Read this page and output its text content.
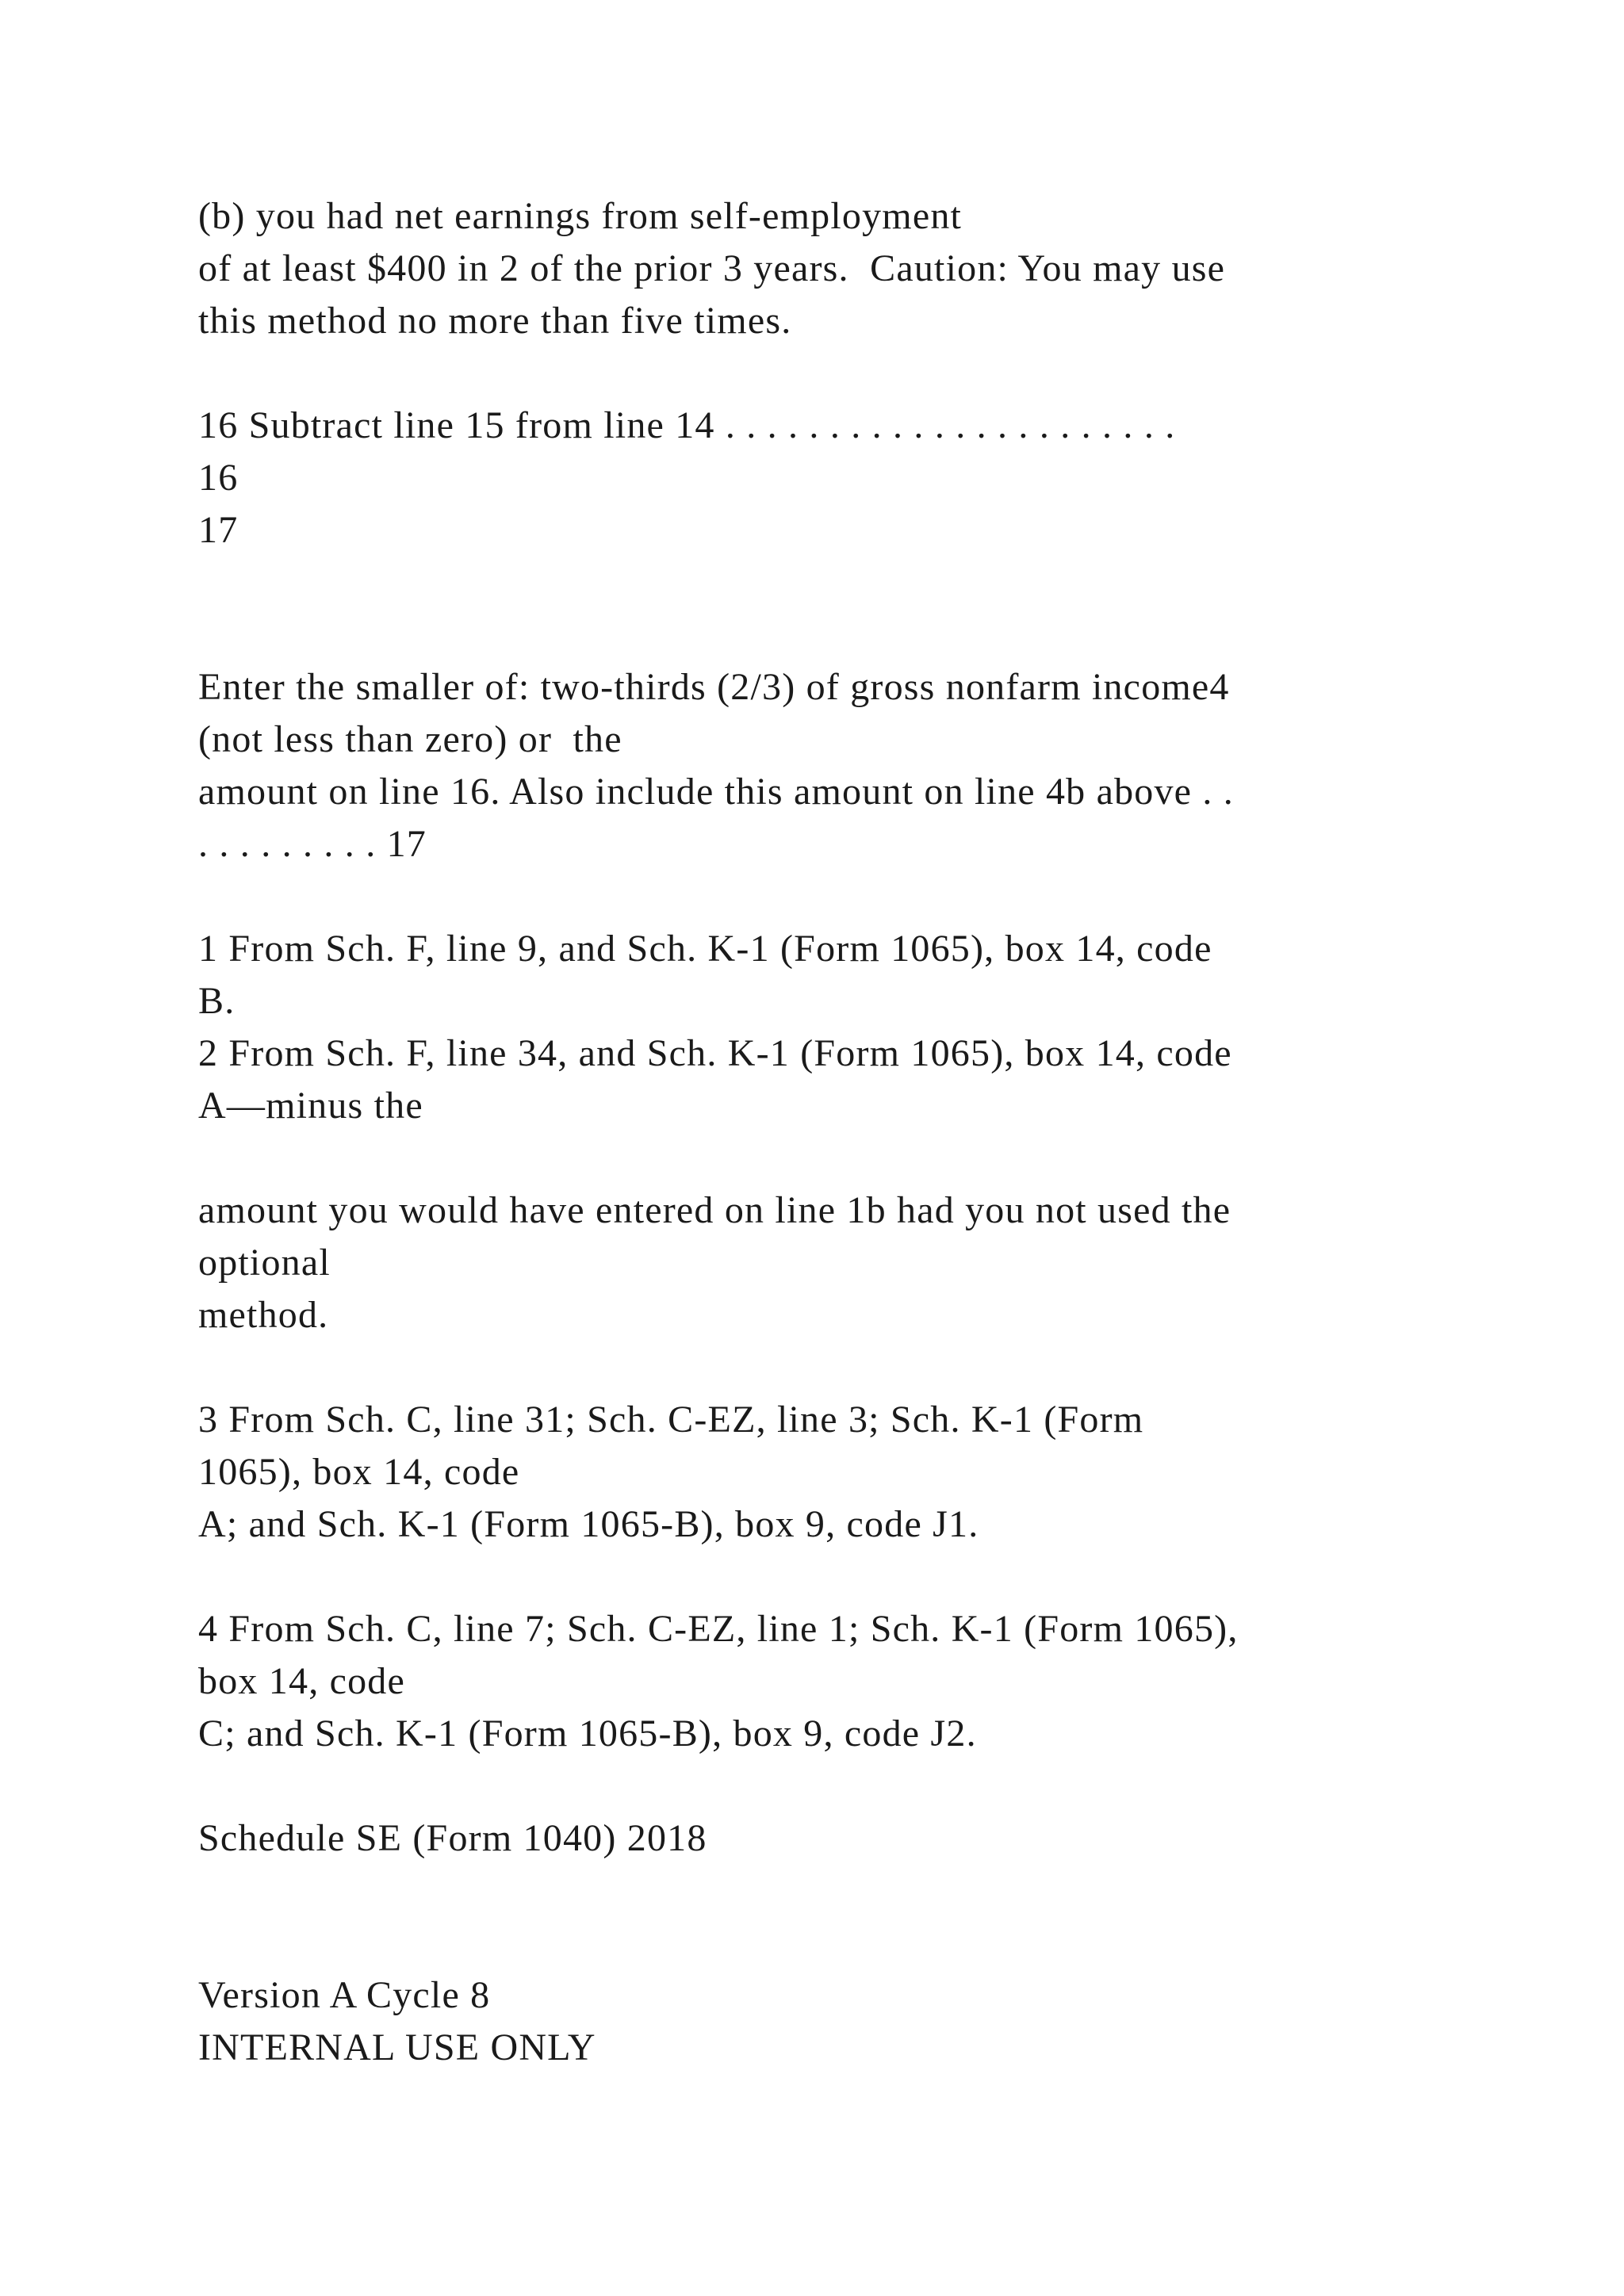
(b) you had net earnings from self-employment
of at least $400 in 2 of the prior 3 years.  Caution: You may use
this method no more than five times.
16 Subtract line 15 from line 14 . . . . . . . . . . . . . . . . . . . . . .
16
17
Enter the smaller of: two-thirds (2/3) of gross nonfarm income4
(not less than zero) or  the
amount on line 16. Also include this amount on line 4b above . .
. . . . . . . . . 17
1 From Sch. F, line 9, and Sch. K-1 (Form 1065), box 14, code
B.
2 From Sch. F, line 34, and Sch. K-1 (Form 1065), box 14, code
A—minus the
amount you would have entered on line 1b had you not used the
optional
method.
3 From Sch. C, line 31; Sch. C-EZ, line 3; Sch. K-1 (Form
1065), box 14, code
A; and Sch. K-1 (Form 1065-B), box 9, code J1.
4 From Sch. C, line 7; Sch. C-EZ, line 1; Sch. K-1 (Form 1065),
box 14, code
C; and Sch. K-1 (Form 1065-B), box 9, code J2.
Schedule SE (Form 1040) 2018
Version A Cycle 8
INTERNAL USE ONLY
